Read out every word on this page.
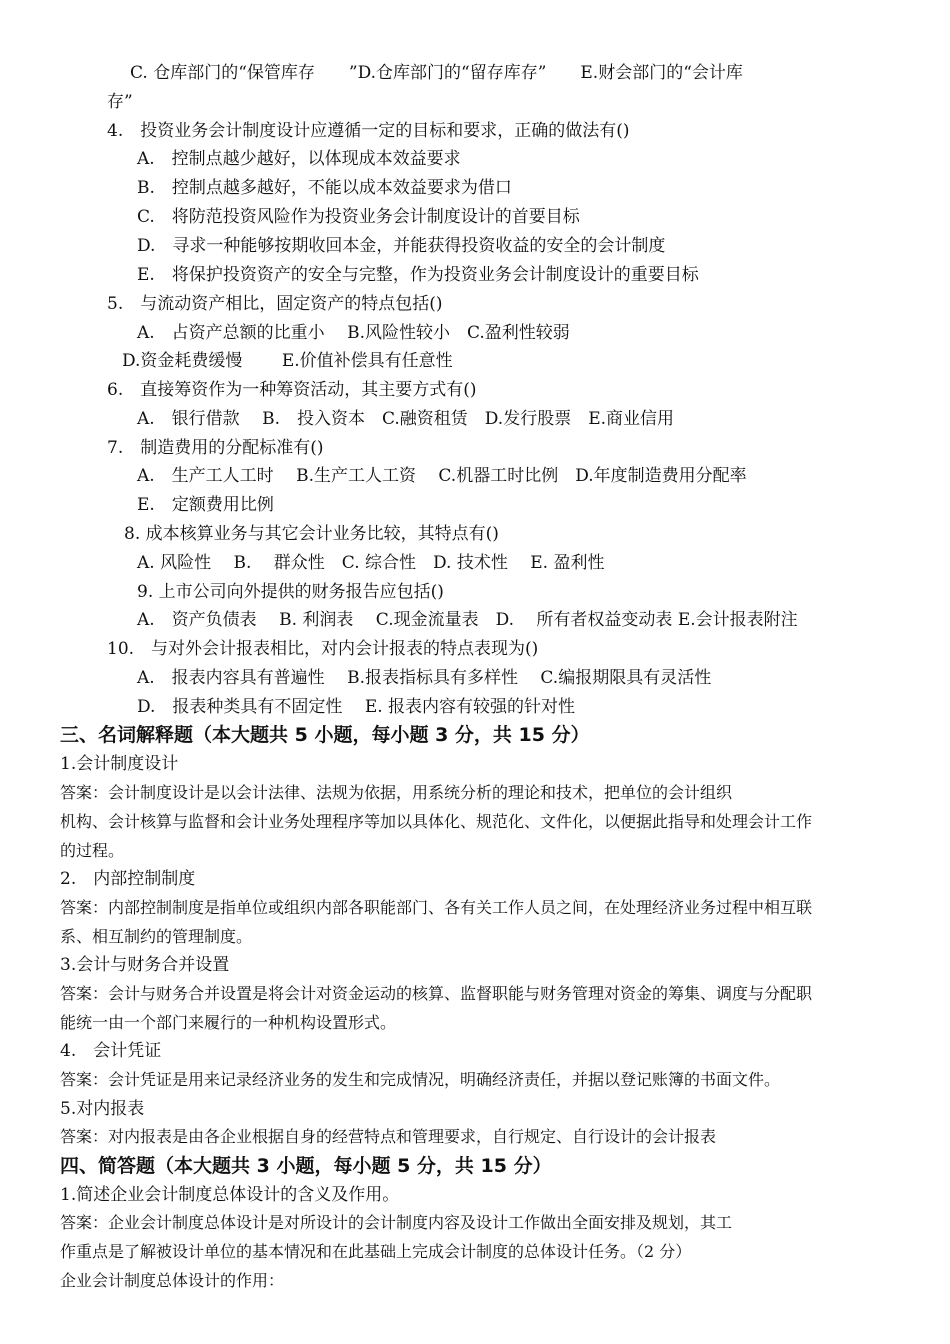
C. 仓库部门的“保管库存　　”D.仓库部门的“留存库存”　　E.财会部门的“会计库
存”
4.　投资业务会计制度设计应遵循一定的目标和要求，正确的做法有()
A.　控制点越少越好，以体现成本效益要求
B.　控制点越多越好，不能以成本效益要求为借口
C.　将防范投资风险作为投资业务会计制度设计的首要目标
D.　寻求一种能够按期收回本金，并能获得投资收益的安全的会计制度
E.　将保护投资资产的安全与完整，作为投资业务会计制度设计的重要目标
5.　与流动资产相比，固定资产的特点包括()
A.　占资产总额的比重小　 B.风险性较小　C.盈利性较弱
D.资金耗费缓慢　　 E.价值补偿具有任意性
6.　直接筹资作为一种筹资活动，其主要方式有()
A.　银行借款　 B.　投入资本　C.融资租赁　D.发行股票　E.商业信用
7.　制造费用的分配标准有()
A.　生产工人工时　 B.生产工人工资　 C.机器工时比例　D.年度制造费用分配率
E.　定额费用比例
8. 成本核算业务与其它会计业务比较，其特点有()
A. 风险性　 B.　 群众性　C. 综合性　D. 技术性　 E. 盈利性
9. 上市公司向外提供的财务报告应包括()
A.　资产负债表　 B. 利润表　 C.现金流量表　D.　 所有者权益变动表 E.会计报表附注
10.　与对外会计报表相比，对内会计报表的特点表现为()
A.　报表内容具有普遍性　 B.报表指标具有多样性　 C.编报期限具有灵活性
D.　报表种类具有不固定性　 E. 报表内容有较强的针对性
三、名词解释题（本大题共 5 小题，每小题 3 分，共 15 分）
1.会计制度设计
答案：会计制度设计是以会计法律、法规为依据，用系统分析的理论和技术，把单位的会计组织
机构、会计核算与监督和会计业务处理程序等加以具体化、规范化、文件化，以便据此指导和处理会计工作
的过程。
2.　内部控制制度
答案：内部控制制度是指单位或组织内部各职能部门、各有关工作人员之间，在处理经济业务过程中相互联
系、相互制约的管理制度。
3.会计与财务合并设置
答案：会计与财务合并设置是将会计对资金运动的核算、监督职能与财务管理对资金的筹集、调度与分配职
能统一由一个部门来履行的一种机构设置形式。
4.　会计凭证
答案：会计凭证是用来记录经济业务的发生和完成情况，明确经济责任，并据以登记账簿的书面文件。
5.对内报表
答案：对内报表是由各企业根据自身的经营特点和管理要求，自行规定、自行设计的会计报表
四、简答题（本大题共 3 小题，每小题 5 分，共 15 分）
1.简述企业会计制度总体设计的含义及作用。
答案：企业会计制度总体设计是对所设计的会计制度内容及设计工作做出全面安排及规划，其工
作重点是了解被设计单位的基本情况和在此基础上完成会计制度的总体设计任务。（2 分）
企业会计制度总体设计的作用：
